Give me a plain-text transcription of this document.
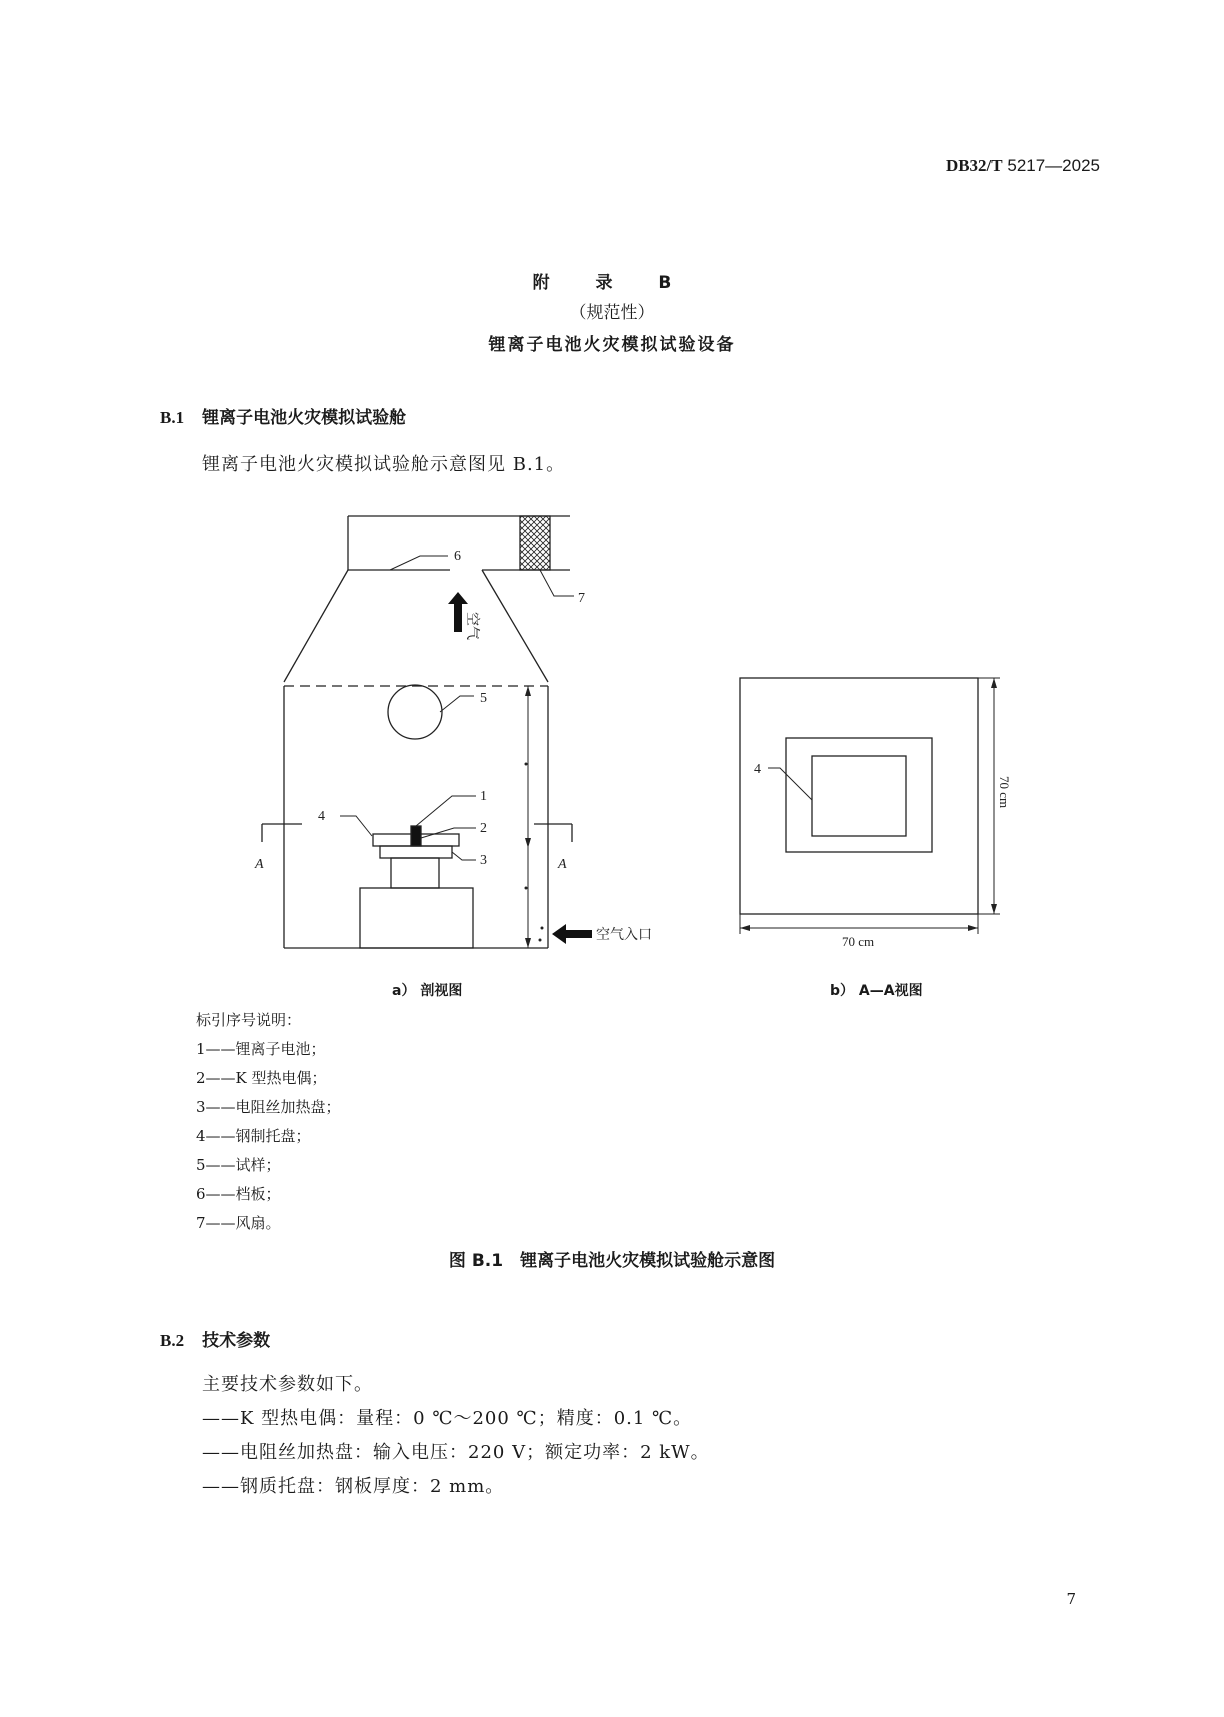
DB32/T 5217—2025
附 录 B
（规范性）
锂离子电池火灾模拟试验设备
B.1 锂离子电池火灾模拟试验舱
锂离子电池火灾模拟试验舱示意图见 B.1。
6
7
5
1
2
3
4
A	A
空气入口
空气
4
70 cm
70 cm
a） 剖视图	b） A—A视图
标引序号说明：
1——锂离子电池；
2——K 型热电偶；
3——电阻丝加热盘；
4——钢制托盘；
5——试样；
6——档板；
7——风扇。
图 B.1　锂离子电池火灾模拟试验舱示意图
B.2 技术参数
主要技术参数如下。
——K 型热电偶：量程：0 ℃～200 ℃；精度：0.1 ℃。
——电阻丝加热盘：输入电压：220 V；额定功率：2 kW。
——钢质托盘：钢板厚度：2 mm。
7
